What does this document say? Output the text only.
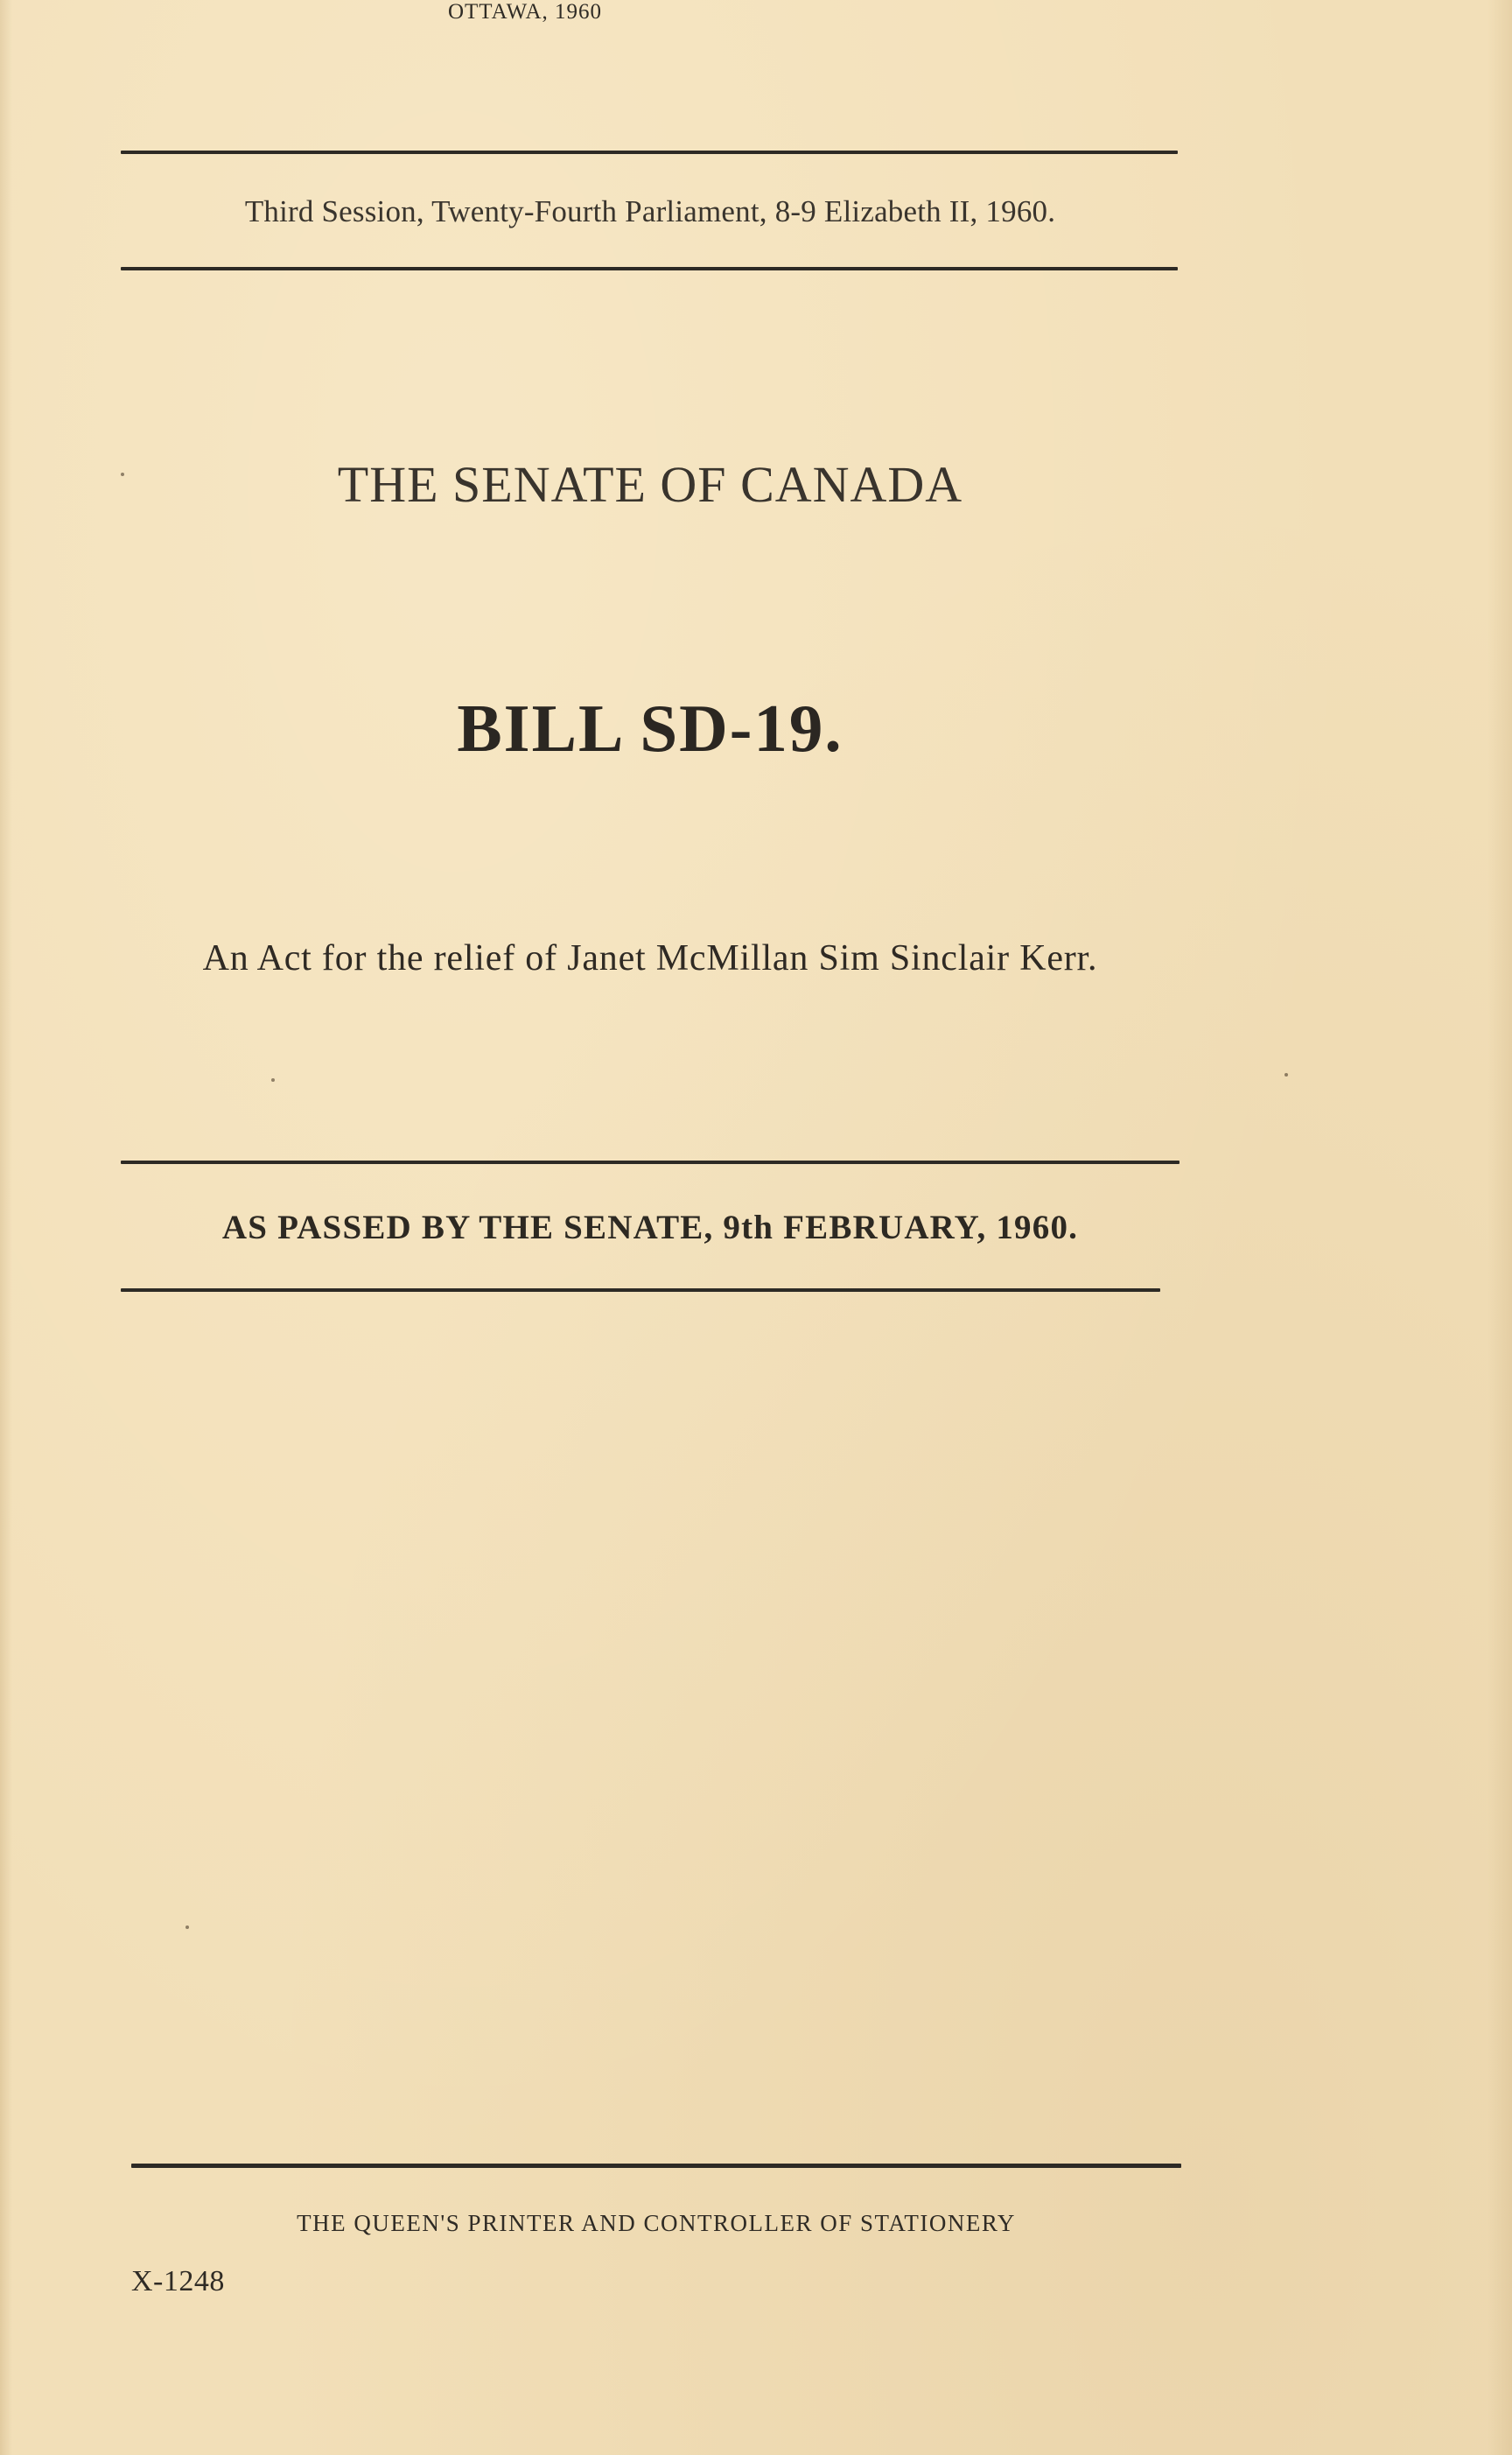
Third Session, Twenty-Fourth Parliament, 8-9 Elizabeth II, 1960.
THE SENATE OF CANADA
BILL SD-19.
An Act for the relief of Janet McMillan Sim Sinclair Kerr.
AS PASSED BY THE SENATE, 9th FEBRUARY, 1960.
THE QUEEN'S PRINTER AND CONTROLLER OF STATIONERY
OTTAWA, 1960
X-1248
